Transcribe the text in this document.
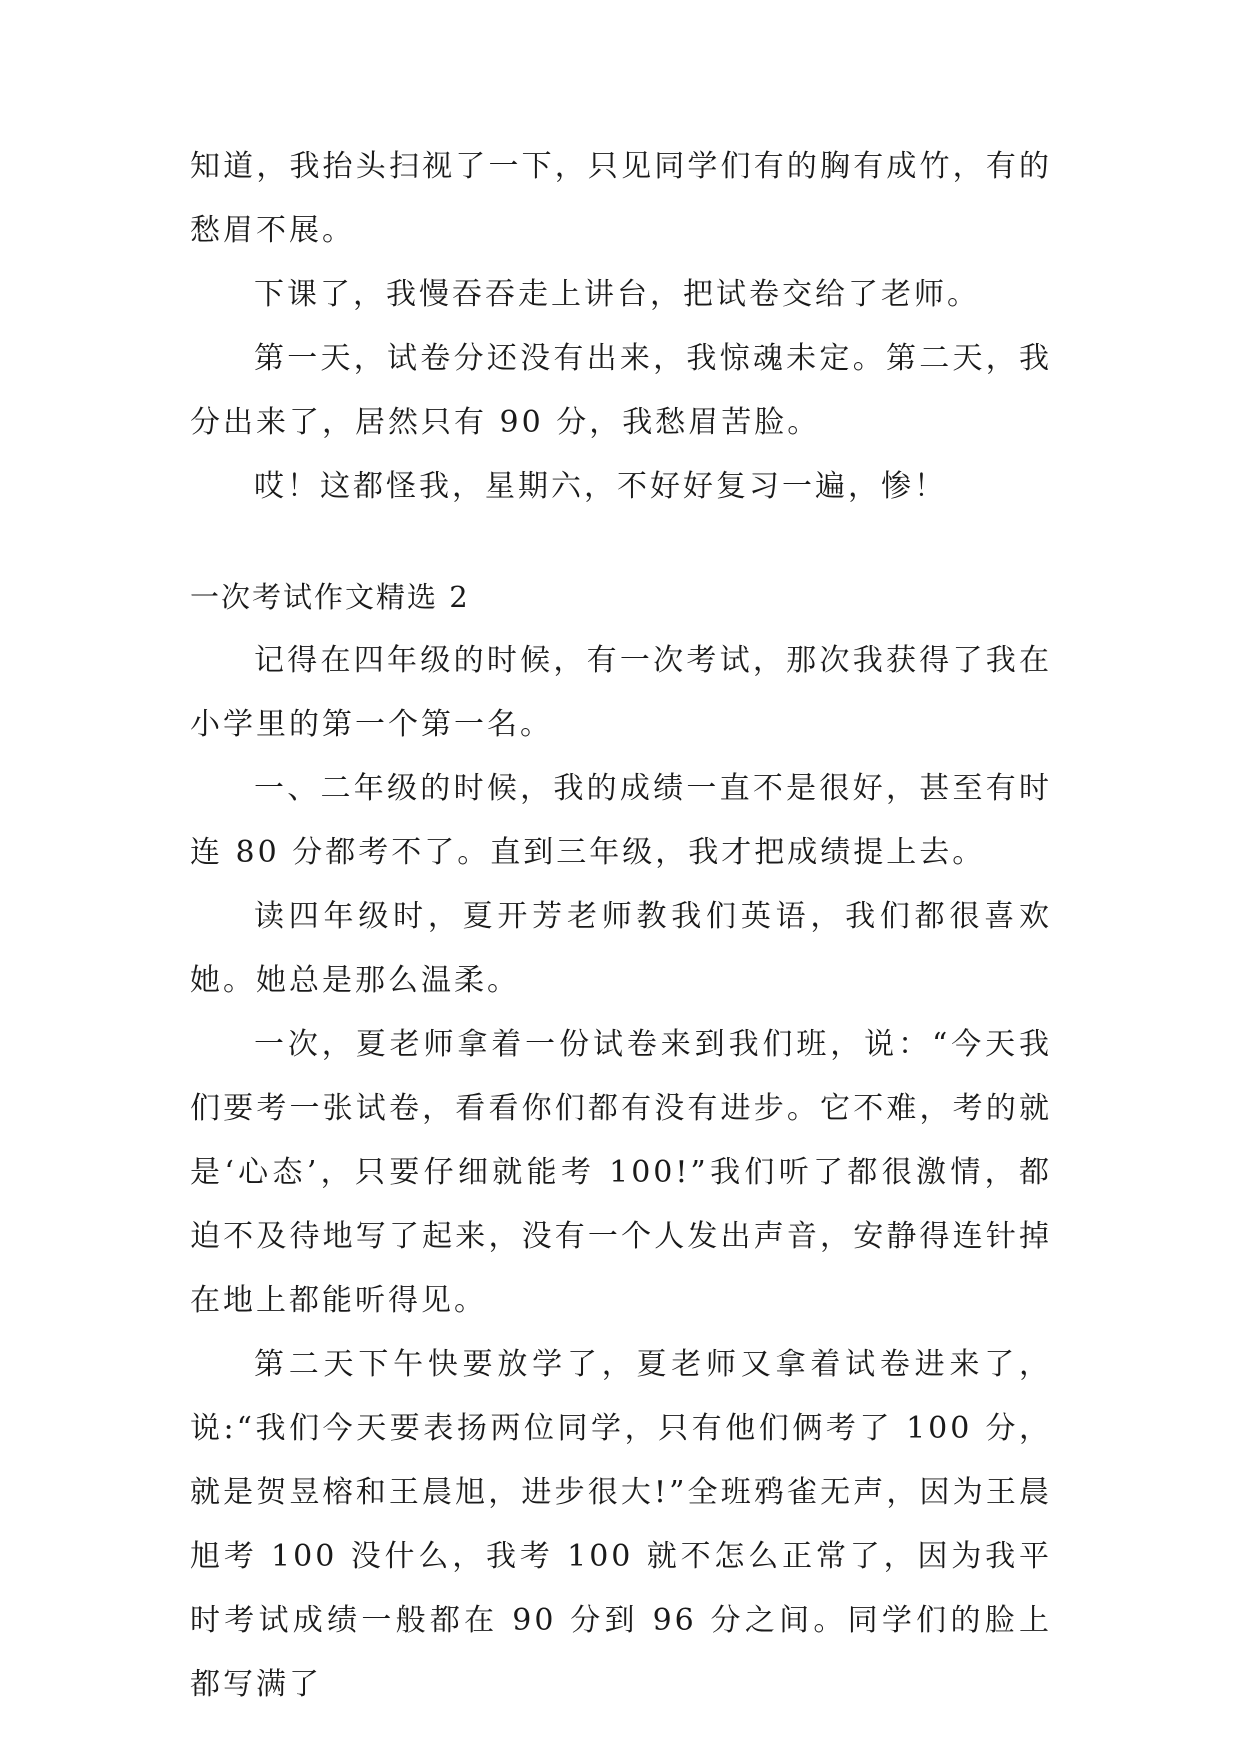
知道，我抬头扫视了一下，只见同学们有的胸有成竹，有的愁眉不展。

下课了，我慢吞吞走上讲台，把试卷交给了老师。

第一天，试卷分还没有出来，我惊魂未定。第二天，我分出来了，居然只有 90 分，我愁眉苦脸。

哎！这都怪我，星期六，不好好复习一遍，惨！

一次考试作文精选 2

记得在四年级的时候，有一次考试，那次我获得了我在小学里的第一个第一名。

一、二年级的时候，我的成绩一直不是很好，甚至有时连 80 分都考不了。直到三年级，我才把成绩提上去。

读四年级时，夏开芳老师教我们英语，我们都很喜欢她。她总是那么温柔。

一次，夏老师拿着一份试卷来到我们班，说：“今天我们要考一张试卷，看看你们都有没有进步。它不难，考的就是‘心态’，只要仔细就能考 100!”我们听了都很激情，都迫不及待地写了起来，没有一个人发出声音，安静得连针掉在地上都能听得见。

第二天下午快要放学了，夏老师又拿着试卷进来了，说:“我们今天要表扬两位同学，只有他们俩考了 100 分，就是贺昱榕和王晨旭，进步很大!”全班鸦雀无声，因为王晨旭考 100 没什么，我考 100 就不怎么正常了，因为我平时考试成绩一般都在 90 分到 96 分之间。同学们的脸上都写满了
